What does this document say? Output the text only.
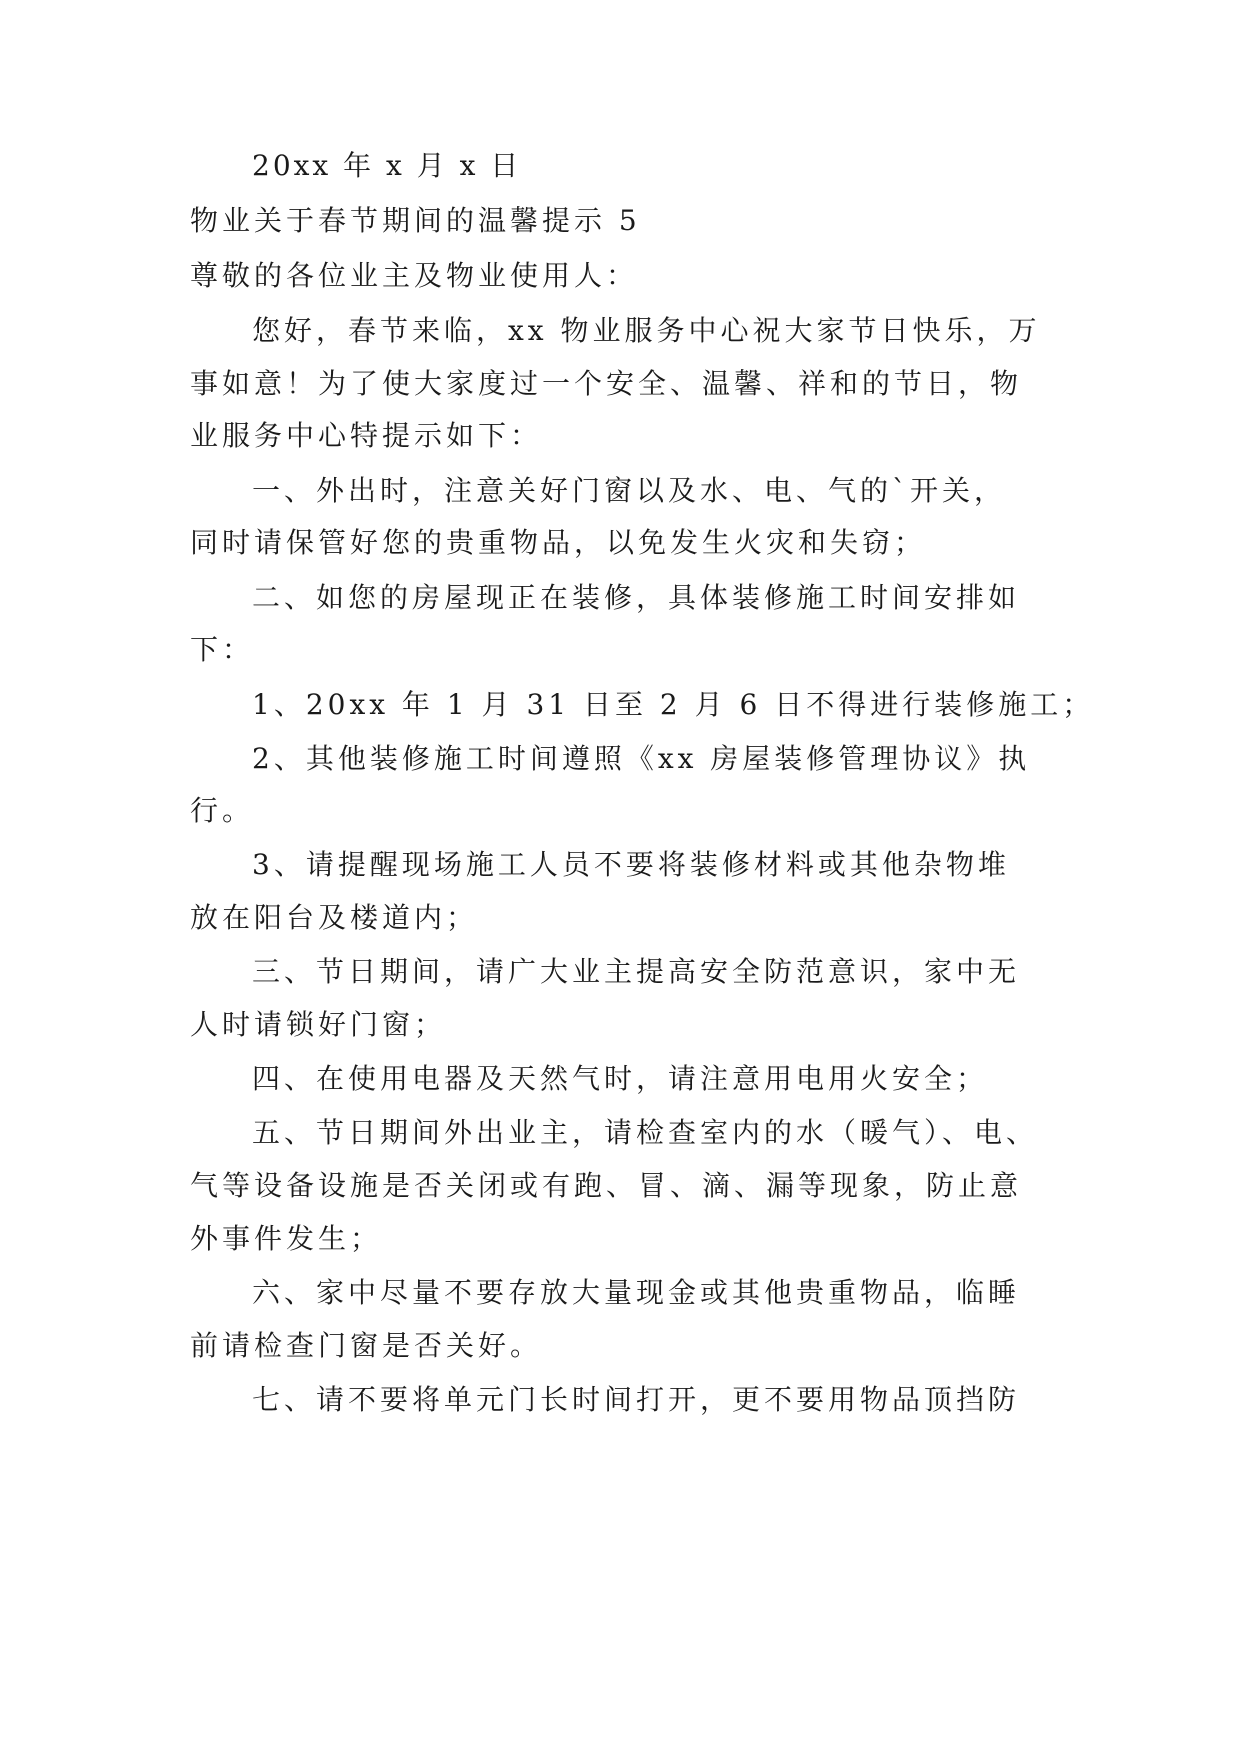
20xx 年 x 月 x 日
物业关于春节期间的温馨提示 5
尊敬的各位业主及物业使用人：
您好，春节来临，xx 物业服务中心祝大家节日快乐，万
事如意！为了使大家度过一个安全、温馨、祥和的节日，物
业服务中心特提示如下：
一、外出时，注意关好门窗以及水、电、气的`开关，
同时请保管好您的贵重物品，以免发生火灾和失窃；
二、如您的房屋现正在装修，具体装修施工时间安排如
下：
1、20xx 年 1 月 31 日至 2 月 6 日不得进行装修施工；
2、其他装修施工时间遵照《xx 房屋装修管理协议》执
行。
3、请提醒现场施工人员不要将装修材料或其他杂物堆
放在阳台及楼道内；
三、节日期间，请广大业主提高安全防范意识，家中无
人时请锁好门窗；
四、在使用电器及天然气时，请注意用电用火安全；
五、节日期间外出业主，请检查室内的水（暖气）、电、
气等设备设施是否关闭或有跑、冒、滴、漏等现象，防止意
外事件发生；
六、家中尽量不要存放大量现金或其他贵重物品，临睡
前请检查门窗是否关好。
七、请不要将单元门长时间打开，更不要用物品顶挡防
